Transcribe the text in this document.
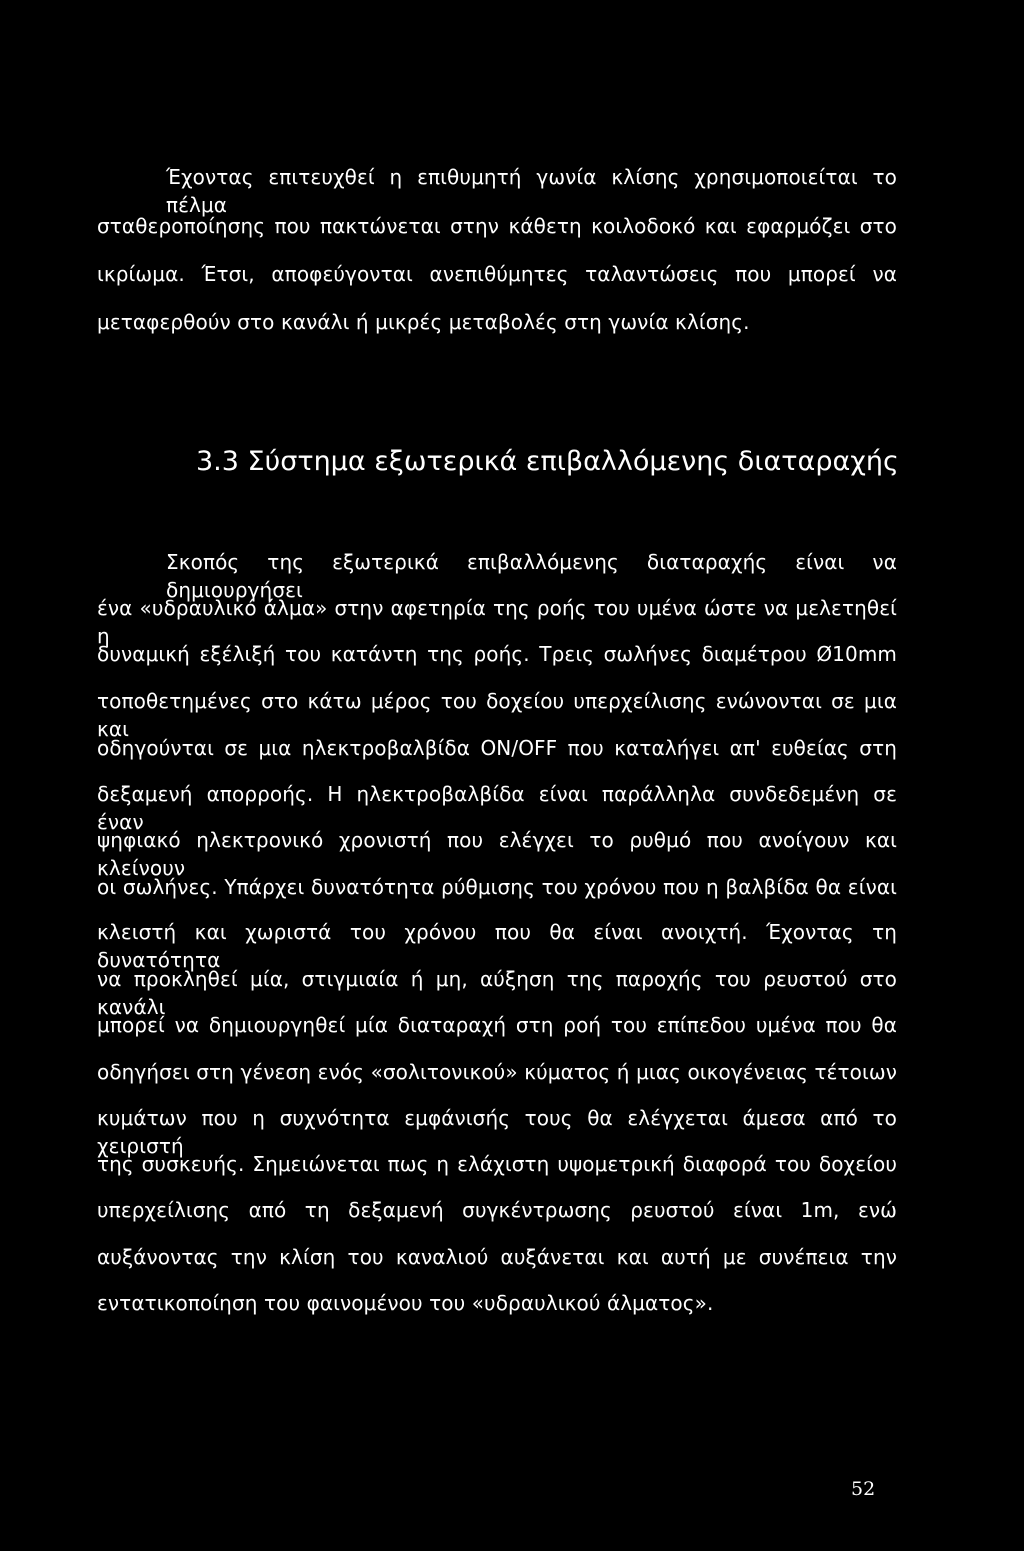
Έχοντας επιτευχθεί η επιθυμητή γωνία κλίσης χρησιμοποιείται το πέλμα
σταθεροποίησης που πακτώνεται στην κάθετη κοιλοδοκό και εφαρμόζει στο
ικρίωμα. Έτσι, αποφεύγονται ανεπιθύμητες ταλαντώσεις που μπορεί να
μεταφερθούν στο κανάλι ή μικρές μεταβολές στη γωνία κλίσης.
3.3 Σύστημα εξωτερικά επιβαλλόμενης διαταραχής
Σκοπός της εξωτερικά επιβαλλόμενης διαταραχής είναι να δημιουργήσει
ένα «υδραυλικό άλμα» στην αφετηρία της ροής του υμένα ώστε να μελετηθεί η
δυναμική εξέλιξή του κατάντη της ροής. Τρεις σωλήνες διαμέτρου Ø10mm
τοποθετημένες στο κάτω μέρος του δοχείου υπερχείλισης ενώνονται σε μια και
οδηγούνται σε μια ηλεκτροβαλβίδα ON/OFF που καταλήγει απ' ευθείας στη
δεξαμενή απορροής. Η ηλεκτροβαλβίδα είναι παράλληλα συνδεδεμένη σε έναν
ψηφιακό ηλεκτρονικό χρονιστή που ελέγχει το ρυθμό που ανοίγουν και κλείνουν
οι σωλήνες. Υπάρχει δυνατότητα ρύθμισης του χρόνου που η βαλβίδα θα είναι
κλειστή και χωριστά του χρόνου που θα είναι ανοιχτή. Έχοντας τη δυνατότητα
να προκληθεί μία, στιγμιαία ή μη, αύξηση της παροχής του ρευστού στο κανάλι
μπορεί να δημιουργηθεί μία διαταραχή στη ροή του επίπεδου υμένα που θα
οδηγήσει στη γένεση ενός «σολιτονικού» κύματος ή μιας οικογένειας τέτοιων
κυμάτων που η συχνότητα εμφάνισής τους θα ελέγχεται άμεσα από το χειριστή
της συσκευής. Σημειώνεται πως η ελάχιστη υψομετρική διαφορά του δοχείου
υπερχείλισης από τη δεξαμενή συγκέντρωσης ρευστού είναι 1m, ενώ
αυξάνοντας την κλίση του καναλιού αυξάνεται και αυτή με συνέπεια την
εντατικοποίηση του φαινομένου του «υδραυλικού άλματος».
52
